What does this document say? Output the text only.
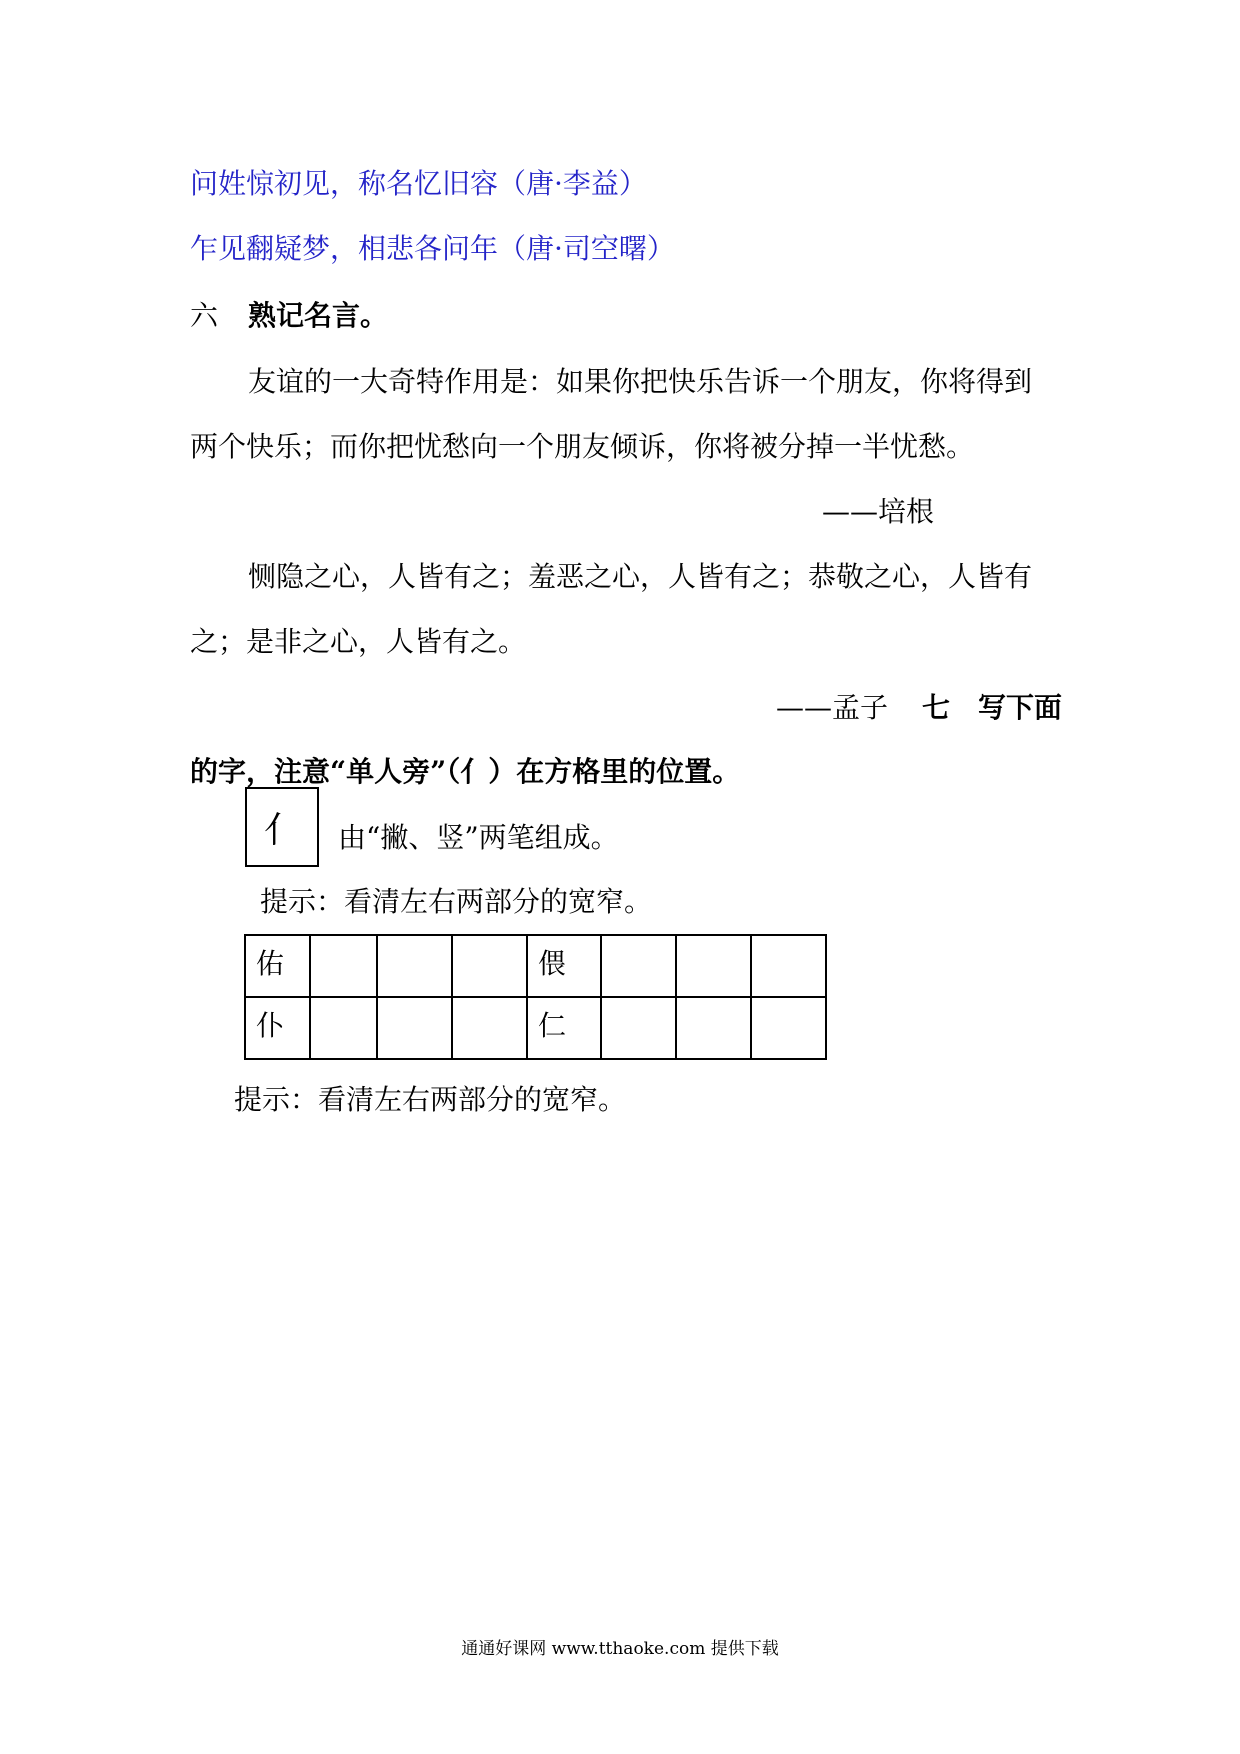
问姓惊初见，称名忆旧容（唐·李益）
乍见翻疑梦，相悲各问年（唐·司空曙）
六 熟记名言。
友谊的一大奇特作用是：如果你把快乐告诉一个朋友，你将得到
两个快乐；而你把忧愁向一个朋友倾诉，你将被分掉一半忧愁。
——培根
恻隐之心，人皆有之；羞恶之心，人皆有之；恭敬之心，人皆有
之；是非之心，人皆有之。
——孟子 七　写下面
的字，注意“单人旁”（亻）在方格里的位置。
亻 由“撇、竖”两笔组成。
提示：看清左右两部分的宽窄。
佑				偎			
仆				仁			
提示：看清左右两部分的宽窄。
通通好课网 www.tthaoke.com 提供下载
